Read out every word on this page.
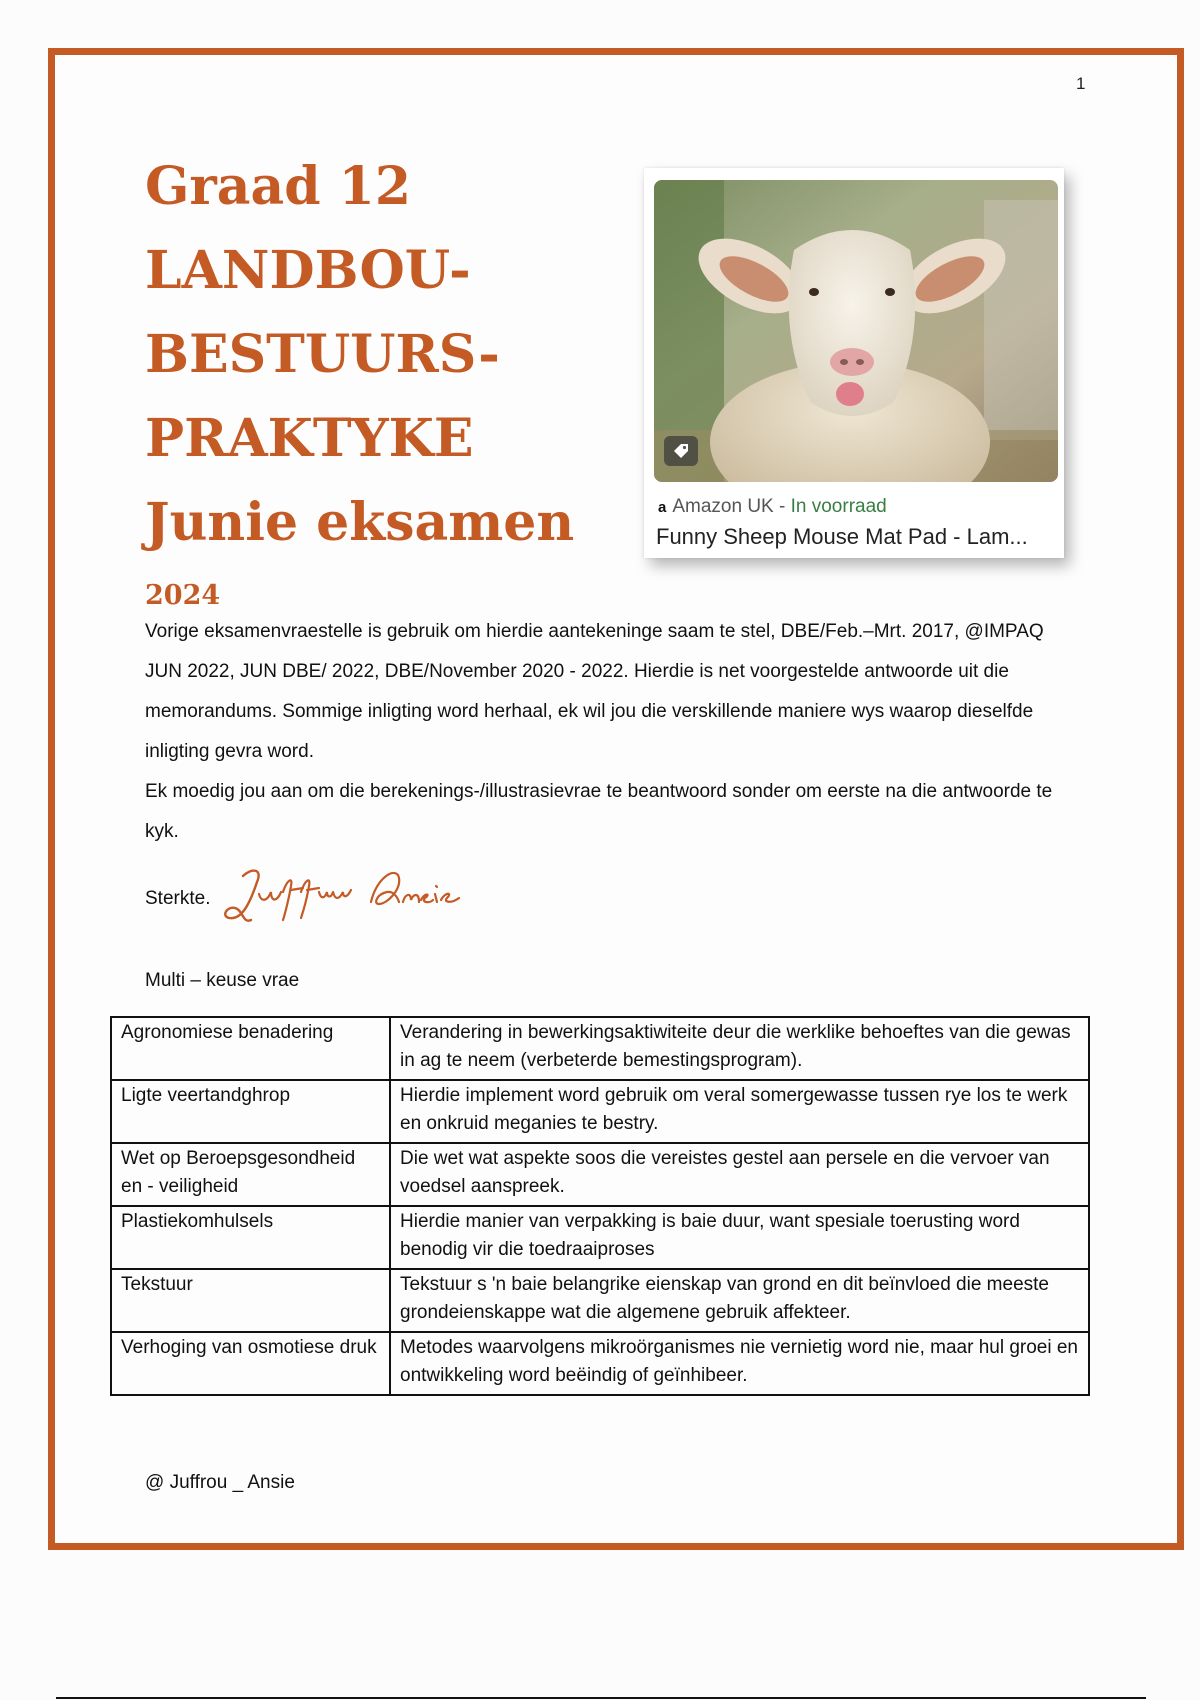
1
Graad 12
LANDBOU-
BESTUURS-
PRAKTYKE
Junie eksamen
2024
a Amazon UK - In voorraad
Funny Sheep Mouse Mat Pad - Lam...

Vorige eksamenvraestelle is gebruik om hierdie aantekeninge saam te stel, DBE/Feb.–Mrt. 2017, @IMPAQ JUN 2022, JUN DBE/ 2022, DBE/November 2020 - 2022. Hierdie is net voorgestelde antwoorde uit die memorandums. Sommige inligting word herhaal, ek wil jou die verskillende maniere wys waarop dieselfde inligting gevra word.

Ek moedig jou aan om die berekenings-/illustrasievrae te beantwoord sonder om eerste na die antwoorde te kyk.

Sterkte.
Multi – keuse vrae
Agronomiese benadering	Verandering in bewerkingsaktiwiteite deur die werklike behoeftes van die gewas in ag te neem (verbeterde bemestingsprogram).
Ligte veertandghrop	Hierdie implement word gebruik om veral somergewasse tussen rye los te werk en onkruid meganies te bestry.
Wet op Beroepsgesondheid en - veiligheid	Die wet wat aspekte soos die vereistes gestel aan persele en die vervoer van voedsel aanspreek.
Plastiekomhulsels	Hierdie manier van verpakking is baie duur, want spesiale toerusting word benodig vir die toedraaiproses
Tekstuur	Tekstuur s 'n baie belangrike eienskap van grond en dit beïnvloed die meeste grondeienskappe wat die algemene gebruik affekteer.
Verhoging van osmotiese druk	Metodes waarvolgens mikroörganismes nie vernietig word nie, maar hul groei en ontwikkeling word beëindig of geïnhibeer.
@ Juffrou _ Ansie
